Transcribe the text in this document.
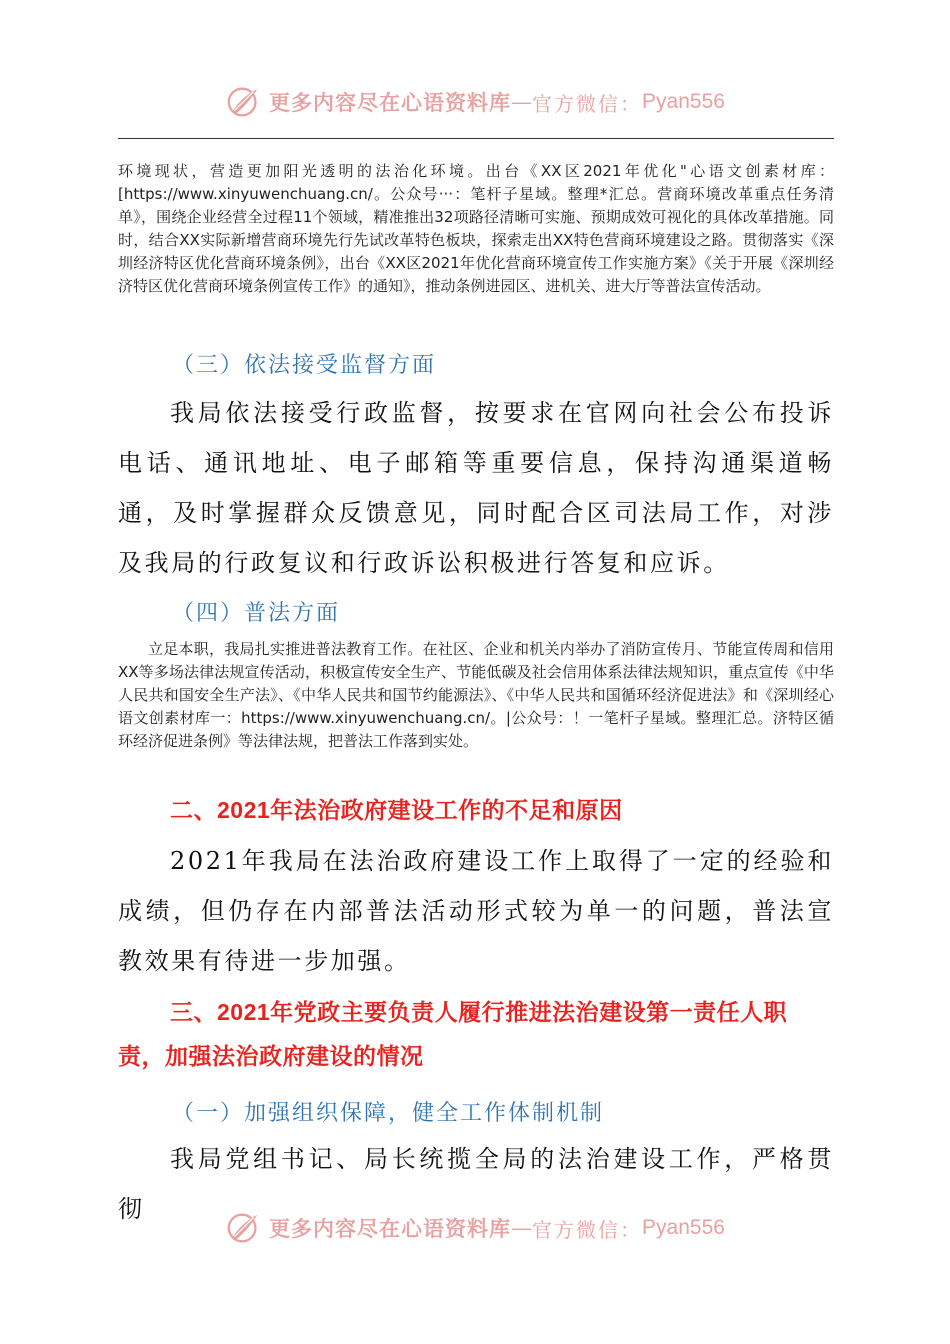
更多内容尽在心语资料库 — 官方微信： Pyan556

环境现状，营造更加阳光透明的法治化环境。出台《XX区2021年优化"心语文创素材库：[https://www.xinyuwenchuang.cn/。公众号···：笔杆子星域。整理*汇总。营商环境改革重点任务清单》，围绕企业经营全过程11个领域，精准推出32项路径清晰可实施、预期成效可视化的具体改革措施。同时，结合XX实际新增营商环境先行先试改革特色板块，探索走出XX特色营商环境建设之路。贯彻落实《深圳经济特区优化营商环境条例》，出台《XX区2021年优化营商环境宣传工作实施方案》《关于开展《深圳经济特区优化营商环境条例宣传工作》的通知》，推动条例进园区、进机关、进大厅等普法宣传活动。

（三）依法接受监督方面

我局依法接受行政监督，按要求在官网向社会公布投诉电话、通讯地址、电子邮箱等重要信息，保持沟通渠道畅通，及时掌握群众反馈意见，同时配合区司法局工作，对涉及我局的行政复议和行政诉讼积极进行答复和应诉。

（四）普法方面

立足本职，我局扎实推进普法教育工作。在社区、企业和机关内举办了消防宣传月、节能宣传周和信用XX等多场法律法规宣传活动，积极宣传安全生产、节能低碳及社会信用体系法律法规知识，重点宣传《中华人民共和国安全生产法》、《中华人民共和国节约能源法》、《中华人民共和国循环经济促进法》和《深圳经心语文创素材库一：https://www.xinyuwenchuang.cn/。|公众号：！一笔杆子星域。整理汇总。济特区循环经济促进条例》等法律法规，把普法工作落到实处。

二、2021年法治政府建设工作的不足和原因

2021年我局在法治政府建设工作上取得了一定的经验和成绩，但仍存在内部普法活动形式较为单一的问题，普法宣教效果有待进一步加强。

三、2021年党政主要负责人履行推进法治建设第一责任人职责，加强法治政府建设的情况
（一）加强组织保障，健全工作体制机制

我局党组书记、局长统揽全局的法治建设工作，严格贯彻

更多内容尽在心语资料库 — 官方微信： Pyan556
